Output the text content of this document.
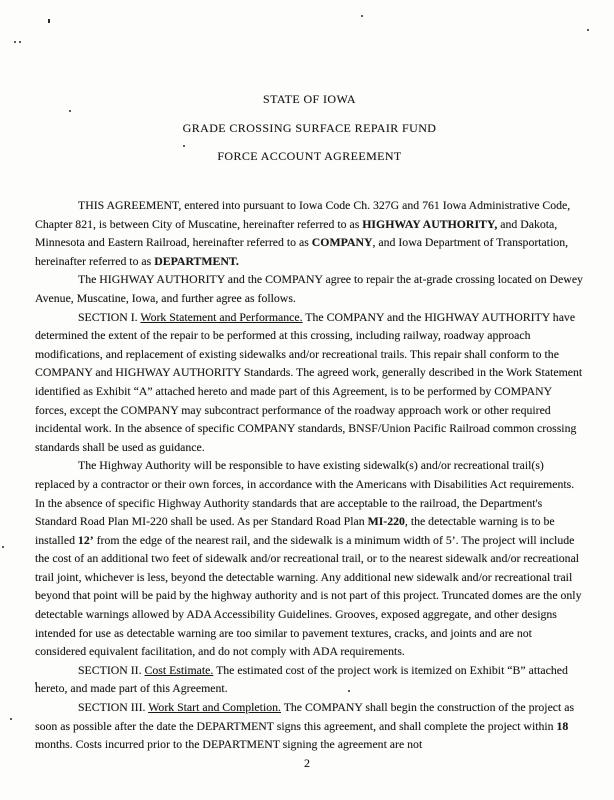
STATE OF IOWA
GRADE CROSSING SURFACE REPAIR FUND
FORCE ACCOUNT AGREEMENT

THIS AGREEMENT, entered into pursuant to Iowa Code Ch. 327G and 761 Iowa Administrative Code, Chapter 821, is between City of Muscatine, hereinafter referred to as HIGHWAY AUTHORITY, and Dakota, Minnesota and Eastern Railroad, hereinafter referred to as COMPANY, and Iowa Department of Transportation, hereinafter referred to as DEPARTMENT.

The HIGHWAY AUTHORITY and the COMPANY agree to repair the at-grade crossing located on Dewey Avenue, Muscatine, Iowa, and further agree as follows.

SECTION I. Work Statement and Performance. The COMPANY and the HIGHWAY AUTHORITY have determined the extent of the repair to be performed at this crossing, including railway, roadway approach modifications, and replacement of existing sidewalks and/or recreational trails. This repair shall conform to the COMPANY and HIGHWAY AUTHORITY Standards. The agreed work, generally described in the Work Statement identified as Exhibit “A” attached hereto and made part of this Agreement, is to be performed by COMPANY forces, except the COMPANY may subcontract performance of the roadway approach work or other required incidental work. In the absence of specific COMPANY standards, BNSF/Union Pacific Railroad common crossing standards shall be used as guidance.

The Highway Authority will be responsible to have existing sidewalk(s) and/or recreational trail(s) replaced by a contractor or their own forces, in accordance with the Americans with Disabilities Act requirements. In the absence of specific Highway Authority standards that are acceptable to the railroad, the Department's Standard Road Plan MI-220 shall be used. As per Standard Road Plan MI-220, the detectable warning is to be installed 12’ from the edge of the nearest rail, and the sidewalk is a minimum width of 5’. The project will include the cost of an additional two feet of sidewalk and/or recreational trail, or to the nearest sidewalk and/or recreational trail joint, whichever is less, beyond the detectable warning. Any additional new sidewalk and/or recreational trail beyond that point will be paid by the highway authority and is not part of this project. Truncated domes are the only detectable warnings allowed by ADA Accessibility Guidelines. Grooves, exposed aggregate, and other designs intended for use as detectable warning are too similar to pavement textures, cracks, and joints and are not considered equivalent facilitation, and do not comply with ADA requirements.

SECTION II. Cost Estimate. The estimated cost of the project work is itemized on Exhibit “B” attached hereto, and made part of this Agreement.

SECTION III. Work Start and Completion. The COMPANY shall begin the construction of the project as soon as possible after the date the DEPARTMENT signs this agreement, and shall complete the project within 18 months. Costs incurred prior to the DEPARTMENT signing the agreement are not

2
